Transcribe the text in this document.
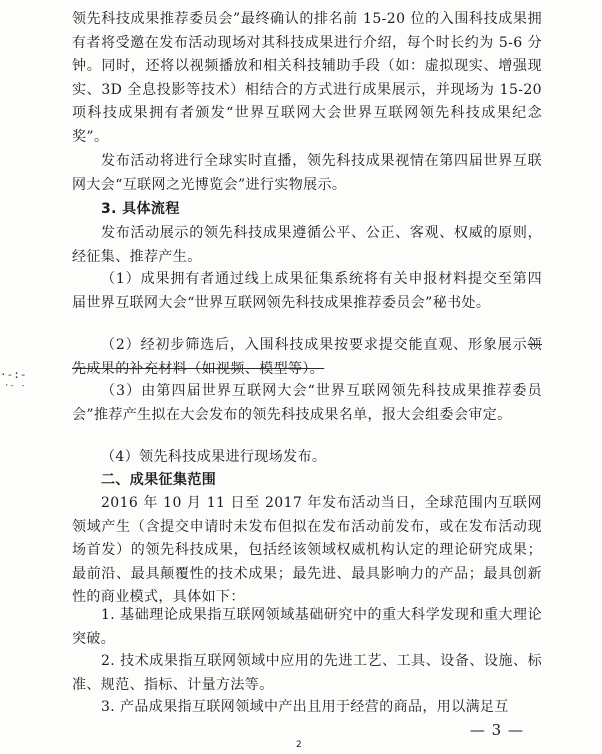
领先科技成果推荐委员会”最终确认的排名前 15-20 位的入围科技成果拥有者将受邀在发布活动现场对其科技成果进行介绍，每个时长约为 5-6 分钟。同时，还将以视频播放和相关科技辅助手段（如：虚拟现实、增强现实、3D 全息投影等技术）相结合的方式进行成果展示，并现场为 15-20 项科技成果拥有者颁发“世界互联网大会世界互联网领先科技成果纪念奖”。

发布活动将进行全球实时直播，领先科技成果视情在第四届世界互联网大会“互联网之光博览会”进行实物展示。

3. 具体流程

发布活动展示的领先科技成果遵循公平、公正、客观、权威的原则，经征集、推荐产生。

（1）成果拥有者通过线上成果征集系统将有关申报材料提交至第四届世界互联网大会“世界互联网领先科技成果推荐委员会”秘书处。

（2）经初步筛选后，入围科技成果按要求提交能直观、形象展示领先成果的补充材料（如视频、模型等）。

（3）由第四届世界互联网大会“世界互联网领先科技成果推荐委员会”推荐产生拟在大会发布的领先科技成果名单，报大会组委会审定。

（4）领先科技成果进行现场发布。

二、成果征集范围

2016 年 10 月 11 日至 2017 年发布活动当日，全球范围内互联网领域产生（含提交申请时未发布但拟在发布活动前发布，或在发布活动现场首发）的领先科技成果，包括经该领域权威机构认定的理论研究成果；最前沿、最具颠覆性的技术成果；最先进、最具影响力的产品；最具创新性的商业模式，具体如下：

1. 基础理论成果指互联网领域基础研究中的重大科学发现和重大理论突破。

2. 技术成果指互联网领域中应用的先进工艺、工具、设备、设施、标准、规范、指标、计量方法等。

3. 产品成果指互联网领域中产出且用于经营的商品，用以满足互

·-:-
·- -
— 3 —
2
